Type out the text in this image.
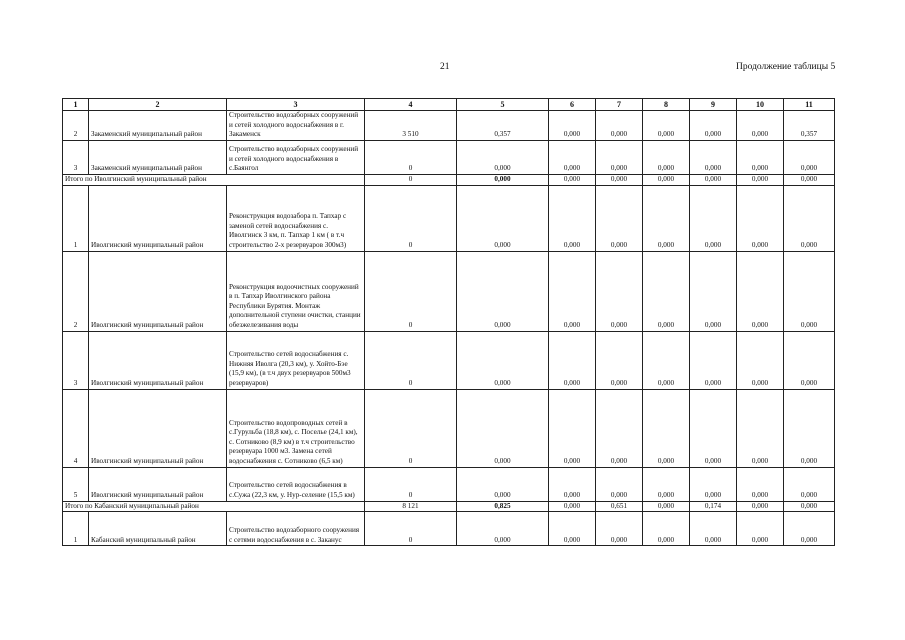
21	Продолжение таблицы 5
1	2	3	4	5	6	7	8	9	10	11
2	Закаменский муниципальный район	Строительство водозаборных сооружений и сетей холодного водоснабжения в г. Закаменск	3 510	0,357	0,000	0,000	0,000	0,000	0,000	0,357
3	Закаменский муниципальный район	Строительство водозаборных сооружений и сетей холодного водоснабжения в с.Баянгол	0	0,000	0,000	0,000	0,000	0,000	0,000	0,000
Итого по Иволгинский муниципальный район			0	0,000	0,000	0,000	0,000	0,000	0,000	0,000
1	Иволгинский муниципальный район	Реконструкция водозабора п. Тапхар с заменой сетей водоснабжения с. Иволгинск 3 км, п. Тапхар 1 км ( в т.ч строительство 2-х резервуаров 300м3)	0	0,000	0,000	0,000	0,000	0,000	0,000	0,000
2	Иволгинский муниципальный район	Реконструкция водоочистных сооружений в п. Тапхар Иволгинского района Республики Бурятия. Монтаж дополнительной ступени очистки, станции обезжелезивания воды	0	0,000	0,000	0,000	0,000	0,000	0,000	0,000
3	Иволгинский муниципальный район	Строительство сетей водоснабжения с. Нижняя Иволга (20,3 км), у. Хойто-Бэе (15,9 км), (в т.ч двух резервуаров 500м3 резервуаров)	0	0,000	0,000	0,000	0,000	0,000	0,000	0,000
4	Иволгинский муниципальный район	Строительство водопроводных сетей в с.Гурульба (18,8 км), с. Поселье (24,1 км), с. Сотниково (8,9 км) в т.ч строительство резервуара 1000 м3. Замена сетей водоснабжения с. Сотниково (6,5 км)	0	0,000	0,000	0,000	0,000	0,000	0,000	0,000
5	Иволгинский муниципальный район	Строительство сетей водоснабжения в с.Сужа (22,3 км, у. Нур-селение (15,5 км)	0	0,000	0,000	0,000	0,000	0,000	0,000	0,000
Итого по Кабанский муниципальный район			8 121	0,825	0,000	0,651	0,000	0,174	0,000	0,000
1	Кабанский муниципальный район	Строительство водозаборного сооружения с сетями водоснабжения в с. Заканус	0	0,000	0,000	0,000	0,000	0,000	0,000	0,000
